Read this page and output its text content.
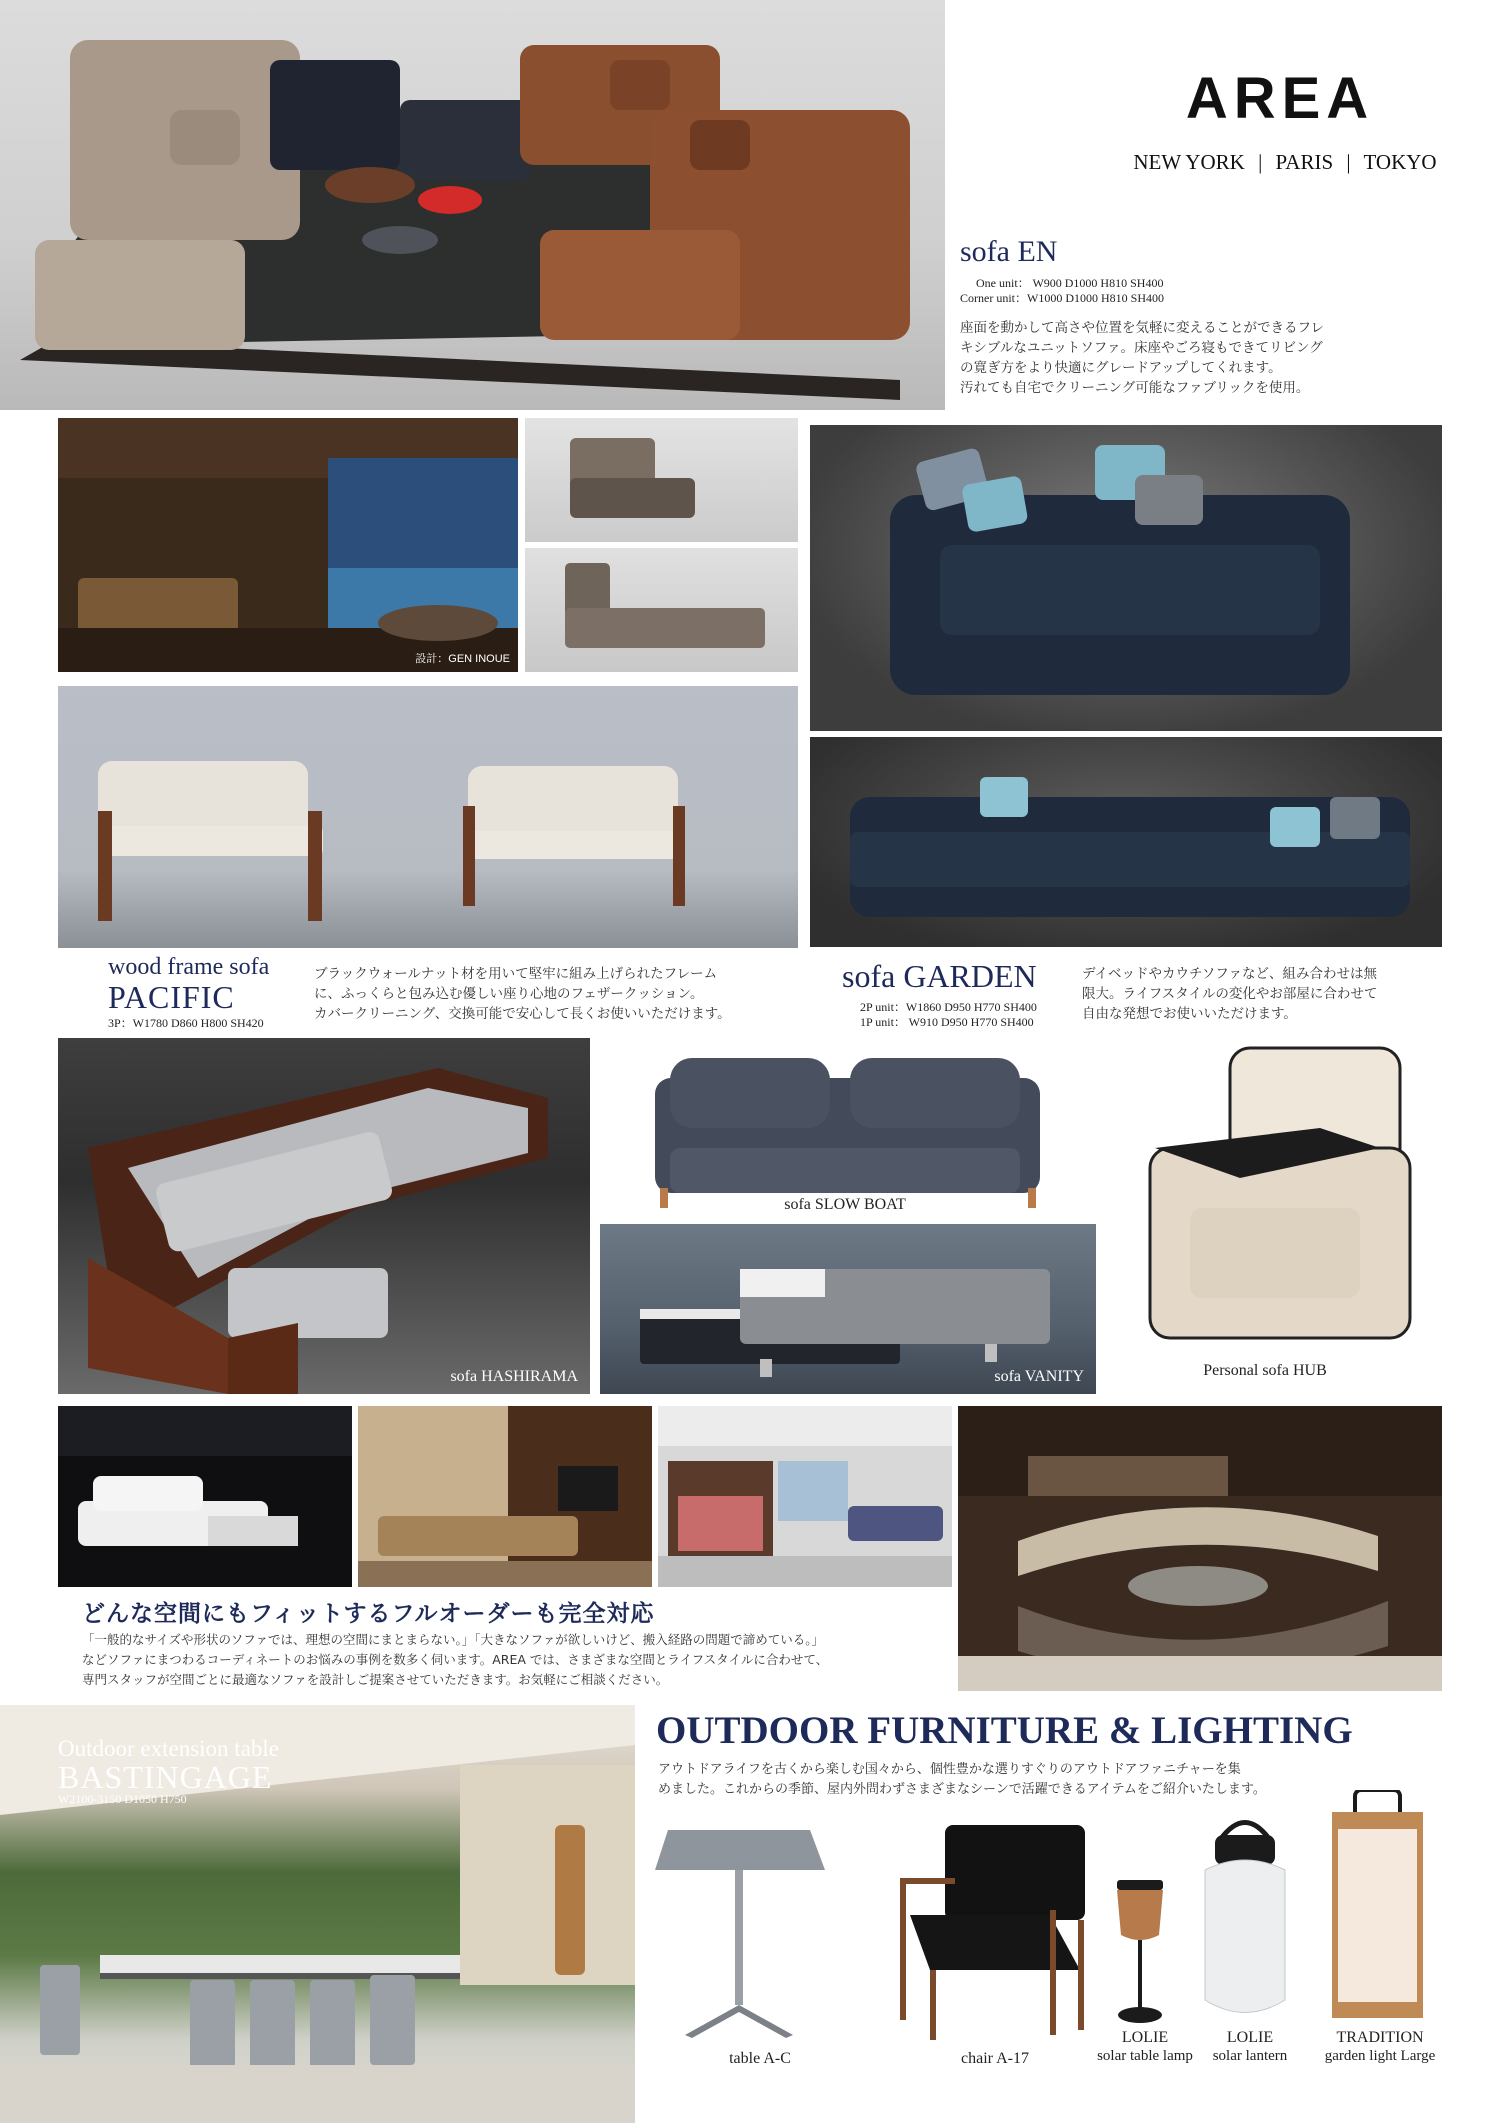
AREA
NEW YORK | PARIS | TOKYO
sofa EN
One unit： W900 D1000 H810 SH400
Corner unit：W1000 D1000 H810 SH400
座面を動かして高さや位置を気軽に変えることができるフレ
キシブルなユニットソファ。床座やごろ寝もできてリビング
の寛ぎ方をより快適にグレードアップしてくれます。
汚れても自宅でクリーニング可能なファブリックを使用。
設計：GEN INOUE
wood frame sofa
PACIFIC
3P：W1780 D860 H800 SH420
ブラックウォールナット材を用いて堅牢に組み上げられたフレーム
に、ふっくらと包み込む優しい座り心地のフェザークッション。
カバークリーニング、交換可能で安心して長くお使いいただけます。
sofa GARDEN
2P unit：W1860 D950 H770 SH400
1P unit： W910 D950 H770 SH400
デイベッドやカウチソファなど、組み合わせは無
限大。ライフスタイルの変化やお部屋に合わせて
自由な発想でお使いいただけます。
sofa HASHIRAMA
sofa SLOW BOAT
sofa VANITY	Personal sofa HUB
どんな空間にもフィットするフルオーダーも完全対応
「一般的なサイズや形状のソファでは、理想の空間にまとまらない。」「大きなソファが欲しいけど、搬入経路の問題で諦めている。」
などソファにまつわるコーディネートのお悩みの事例を数多く伺います。AREA では、さまざまな空間とライフスタイルに合わせて、
専門スタッフが空間ごとに最適なソファを設計しご提案させていただきます。お気軽にご相談ください。
Outdoor extension table
BASTINGAGE
W2100-3150 D1050 H750
OUTDOOR FURNITURE & LIGHTING
アウトドアライフを古くから楽しむ国々から、個性豊かな選りすぐりのアウトドアファニチャーを集
めました。これからの季節、屋内外問わずさまざまなシーンで活躍できるアイテムをご紹介いたします。
table A-C	chair A-17
LOLIE
solar table lamp
LOLIE
solar lantern
TRADITION
garden light Large
